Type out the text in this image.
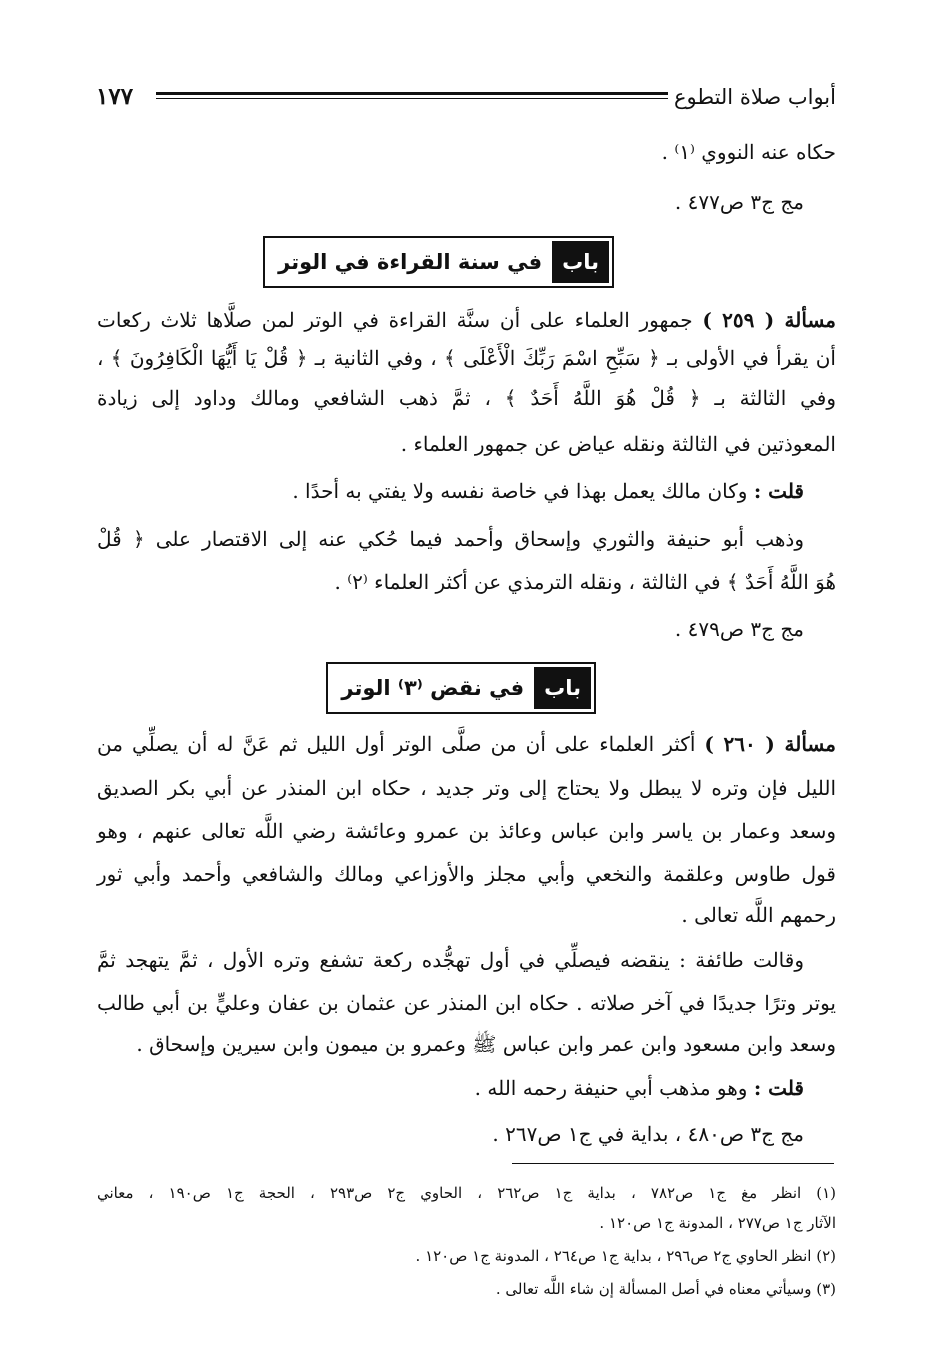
أبواب صلاة التطوع
١٧٧
حكاه عنه النووي ⁽١⁾ .
مج ج٣ ص٤٧٧ .
باب
في سنة القراءة في الوتر
مسألة ( ٢٥٩ ) جمهور العلماء على أن سنَّة القراءة في الوتر لمن صلَّاها ثلاث ركعات
أن يقرأ في الأولى بـ ﴿ سَبِّحِ اسْمَ رَبِّكَ الْأَعْلَى ﴾ ، وفي الثانية بـ ﴿ قُلْ يَا أَيُّهَا الْكَافِرُونَ ﴾ ،
وفي الثالثة بـ ﴿ قُلْ هُوَ اللَّهُ أَحَدٌ ﴾ ، ثمَّ ذهب الشافعي ومالك وداود إلى زيادة
المعوذتين في الثالثة ونقله عياض عن جمهور العلماء .
قلت : وكان مالك يعمل بهذا في خاصة نفسه ولا يفتي به أحدًا .
وذهب أبو حنيفة والثوري وإسحاق وأحمد فيما حُكي عنه إلى الاقتصار على ﴿ قُلْ
هُوَ اللَّهُ أَحَدٌ ﴾ في الثالثة ، ونقله الترمذي عن أكثر العلماء ⁽٢⁾ .
مج ج٣ ص٤٧٩ .
باب
في نقض ⁽٣⁾ الوتر
مسألة ( ٢٦٠ ) أكثر العلماء على أن من صلَّى الوتر أول الليل ثم عَنَّ له أن يصلِّي من
الليل فإن وتره لا يبطل ولا يحتاج إلى وتر جديد ، حكاه ابن المنذر عن أبي بكر الصديق
وسعد وعمار بن ياسر وابن عباس وعائذ بن عمرو وعائشة رضي اللَّه تعالى عنهم ، وهو
قول طاوس وعلقمة والنخعي وأبي مجلز والأوزاعي ومالك والشافعي وأحمد وأبي ثور
رحمهم اللَّه تعالى .
وقالت طائفة : ينقضه فيصلِّي في أول تهجُّده ركعة تشفع وتره الأول ، ثمَّ يتهجد ثمَّ
يوتر وترًا جديدًا في آخر صلاته . حكاه ابن المنذر عن عثمان بن عفان وعليٍّ بن أبي طالب
وسعد وابن مسعود وابن عمر وابن عباس ﷺ وعمرو بن ميمون وابن سيرين وإسحاق .
قلت : وهو مذهب أبي حنيفة رحمه الله .
مج ج٣ ص٤٨٠ ، بداية في ج١ ص٢٦٧ .
(١) انظر مغ ج١ ص٧٨٢ ، بداية ج١ ص٢٦٢ ، الحاوي ج٢ ص٢٩٣ ، الحجة ج١ ص١٩٠ ، معاني
الآثار ج١ ص٢٧٧ ، المدونة ج١ ص١٢٠ .
(٢) انظر الحاوي ج٢ ص٢٩٦ ، بداية ج١ ص٢٦٤ ، المدونة ج١ ص١٢٠ .
(٣) وسيأتي معناه في أصل المسألة إن شاء اللَّه تعالى .
